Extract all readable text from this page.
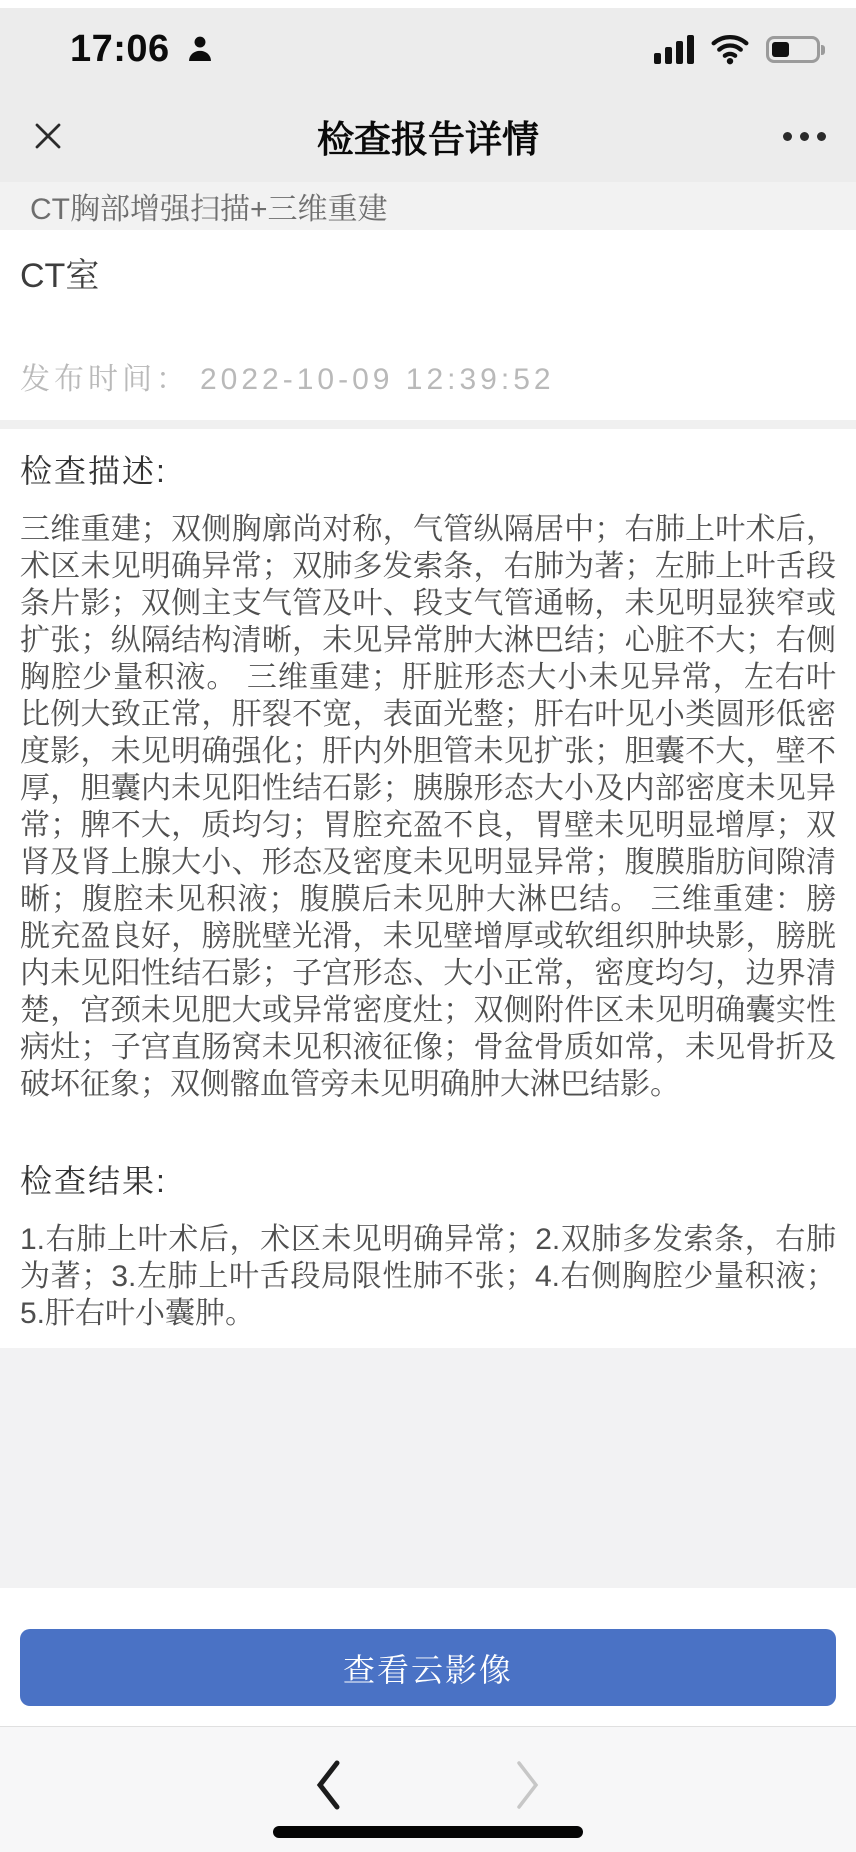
17:06
检查报告详情
CT胸部增强扫描+三维重建
CT室
发布时间： 2022-10-09 12:39:52
检查描述:

三维重建；双侧胸廓尚对称，气管纵隔居中；右肺上叶术后，术区未见明确异常；双肺多发索条，右肺为著；左肺上叶舌段条片影；双侧主支气管及叶、段支气管通畅，未见明显狭窄或扩张；纵隔结构清晰，未见异常肿大淋巴结；心脏不大；右侧胸腔少量积液。 三维重建；肝脏形态大小未见异常，左右叶比例大致正常，肝裂不宽，表面光整；肝右叶见小类圆形低密度影，未见明确强化；肝内外胆管未见扩张；胆囊不大，壁不厚，胆囊内未见阳性结石影；胰腺形态大小及内部密度未见异常；脾不大，质均匀；胃腔充盈不良，胃壁未见明显增厚；双肾及肾上腺大小、形态及密度未见明显异常；腹膜脂肪间隙清晰；腹腔未见积液；腹膜后未见肿大淋巴结。 三维重建：膀胱充盈良好，膀胱壁光滑，未见壁增厚或软组织肿块影，膀胱内未见阳性结石影；子宫形态、大小正常，密度均匀，边界清楚，宫颈未见肥大或异常密度灶；双侧附件区未见明确囊实性病灶；子宫直肠窝未见积液征像；骨盆骨质如常，未见骨折及破坏征象；双侧髂血管旁未见明确肿大淋巴结影。

检查结果:

1.右肺上叶术后，术区未见明确异常；2.双肺多发索条，右肺为著；3.左肺上叶舌段局限性肺不张；4.右侧胸腔少量积液；5.肝右叶小囊肿。

查看云影像
